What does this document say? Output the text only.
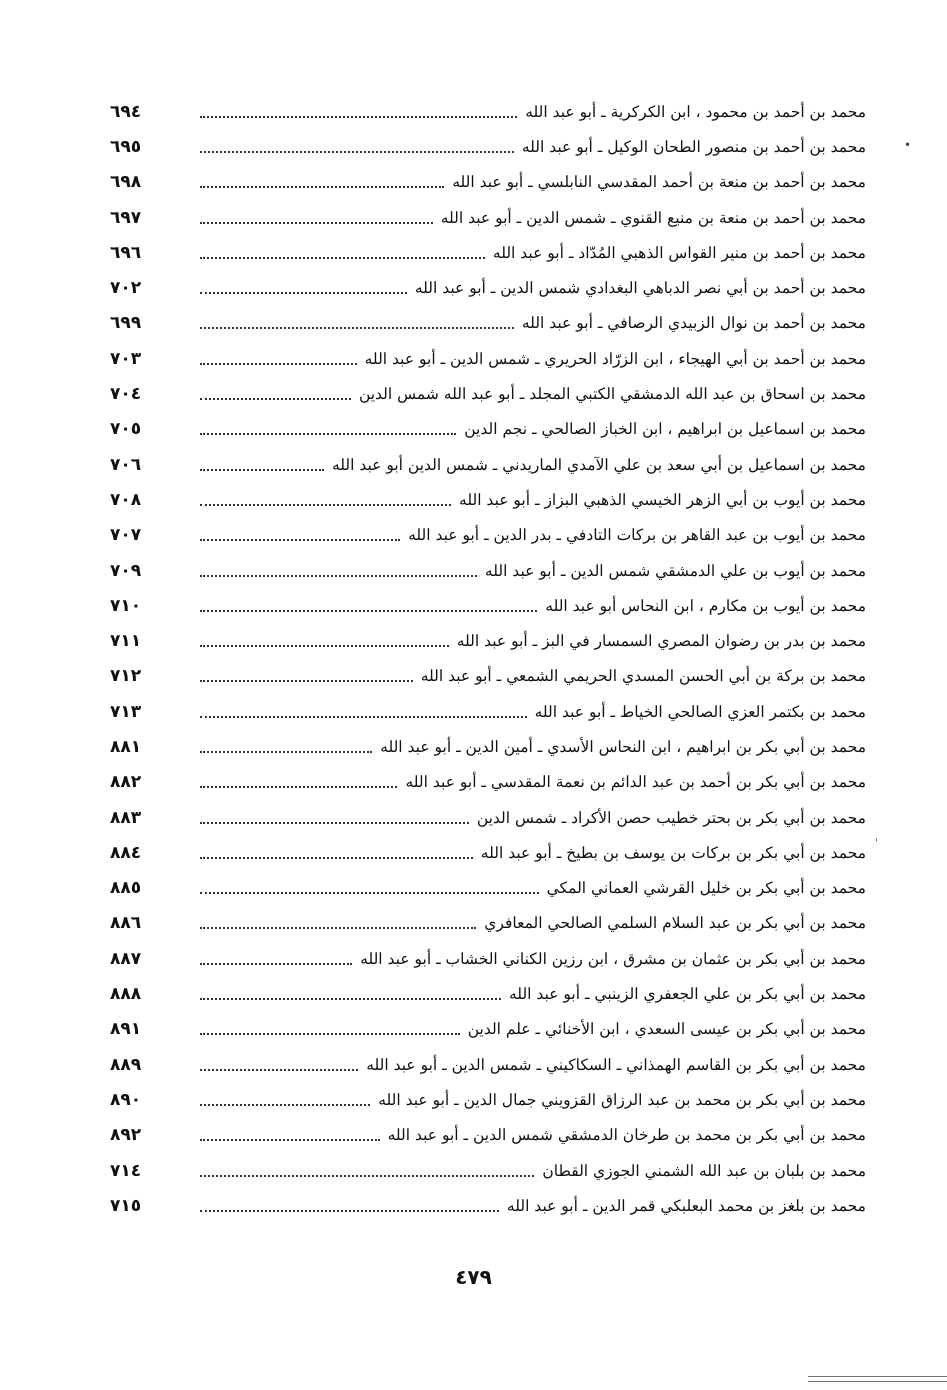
٦٩٤	محمد بن أحمد بن محمود ، ابن الكركرية ـ أبو عبد الله
٦٩٥	محمد بن أحمد بن منصور الطحان الوكيل ـ أبو عبد الله
٦٩٨	محمد بن أحمد بن منعة بن أحمد المقدسي النابلسي ـ أبو عبد الله
٦٩٧	محمد بن أحمد بن منعة بن منيع القنوي ـ شمس الدين ـ أبو عبد الله
٦٩٦	محمد بن أحمد بن منير القواس الذهبي المُدّاد ـ أبو عبد الله
٧٠٢	محمد بن أحمد بن أبي نصر الدباهي البغدادي شمس الدين ـ أبو عبد الله
٦٩٩	محمد بن أحمد بن نوال الزبيدي الرصافي ـ أبو عبد الله
٧٠٣	محمد بن أحمد بن أبي الهيجاء ، ابن الزرّاد الحريري ـ شمس الدين ـ أبو عبد الله
٧٠٤	محمد بن اسحاق بن عبد الله الدمشقي الكتبي المجلد ـ أبو عبد الله شمس الدين
٧٠٥	محمد بن اسماعيل بن ابراهيم ، ابن الخباز الصالحي ـ نجم الدين
٧٠٦	محمد بن اسماعيل بن أبي سعد بن علي الآمدي الماريدني ـ شمس الدين أبو عبد الله
٧٠٨	محمد بن أيوب بن أبي الزهر الخيسي الذهبي البزاز ـ أبو عبد الله
٧٠٧	محمد بن أيوب بن عبد القاهر بن بركات التادفي ـ بدر الدين ـ أبو عبد الله
٧٠٩	محمد بن أيوب بن علي الدمشقي شمس الدين ـ أبو عبد الله
٧١٠	محمد بن أيوب بن مكارم ، ابن النحاس أبو عبد الله
٧١١	محمد بن بدر بن رضوان المصري السمسار في البز ـ أبو عبد الله
٧١٢	محمد بن بركة بن أبي الحسن المسدي الحريمي الشمعي ـ أبو عبد الله
٧١٣	محمد بن بكتمر العزي الصالحي الخياط ـ أبو عبد الله
٨٨١	محمد بن أبي بكر بن ابراهيم ، ابن النحاس الأسدي ـ أمين الدين ـ أبو عبد الله
٨٨٢	محمد بن أبي بكر بن أحمد بن عبد الدائم بن نعمة المقدسي ـ أبو عبد الله
٨٨٣	محمد بن أبي بكر بن بحتر خطيب حصن الأكراد ـ شمس الدين
٨٨٤	محمد بن أبي بكر بن بركات بن يوسف بن بطيخ ـ أبو عبد الله
٨٨٥	محمد بن أبي بكر بن خليل القرشي العماني المكي
٨٨٦	محمد بن أبي بكر بن عبد السلام السلمي الصالحي المعافري
٨٨٧	محمد بن أبي بكر بن عثمان بن مشرق ، ابن رزين الكناني الخشاب ـ أبو عبد الله
٨٨٨	محمد بن أبي بكر بن علي الجعفري الزينبي ـ أبو عبد الله
٨٩١	محمد بن أبي بكر بن عيسى السعدي ، ابن الأخنائي ـ علم الدين
٨٨٩	محمد بن أبي بكر بن القاسم الهمذاني ـ السكاكيني ـ شمس الدين ـ أبو عبد الله
٨٩٠	محمد بن أبي بكر بن محمد بن عبد الرزاق القزويني جمال الدين ـ أبو عبد الله
٨٩٢	محمد بن أبي بكر بن محمد بن طرخان الدمشقي شمس الدين ـ أبو عبد الله
٧١٤	محمد بن بلبان بن عبد الله الشمني الجوزي القطان
٧١٥	محمد بن بلغز بن محمد البعلبكي قمر الدين ـ أبو عبد الله
٤٧٩
•
'
